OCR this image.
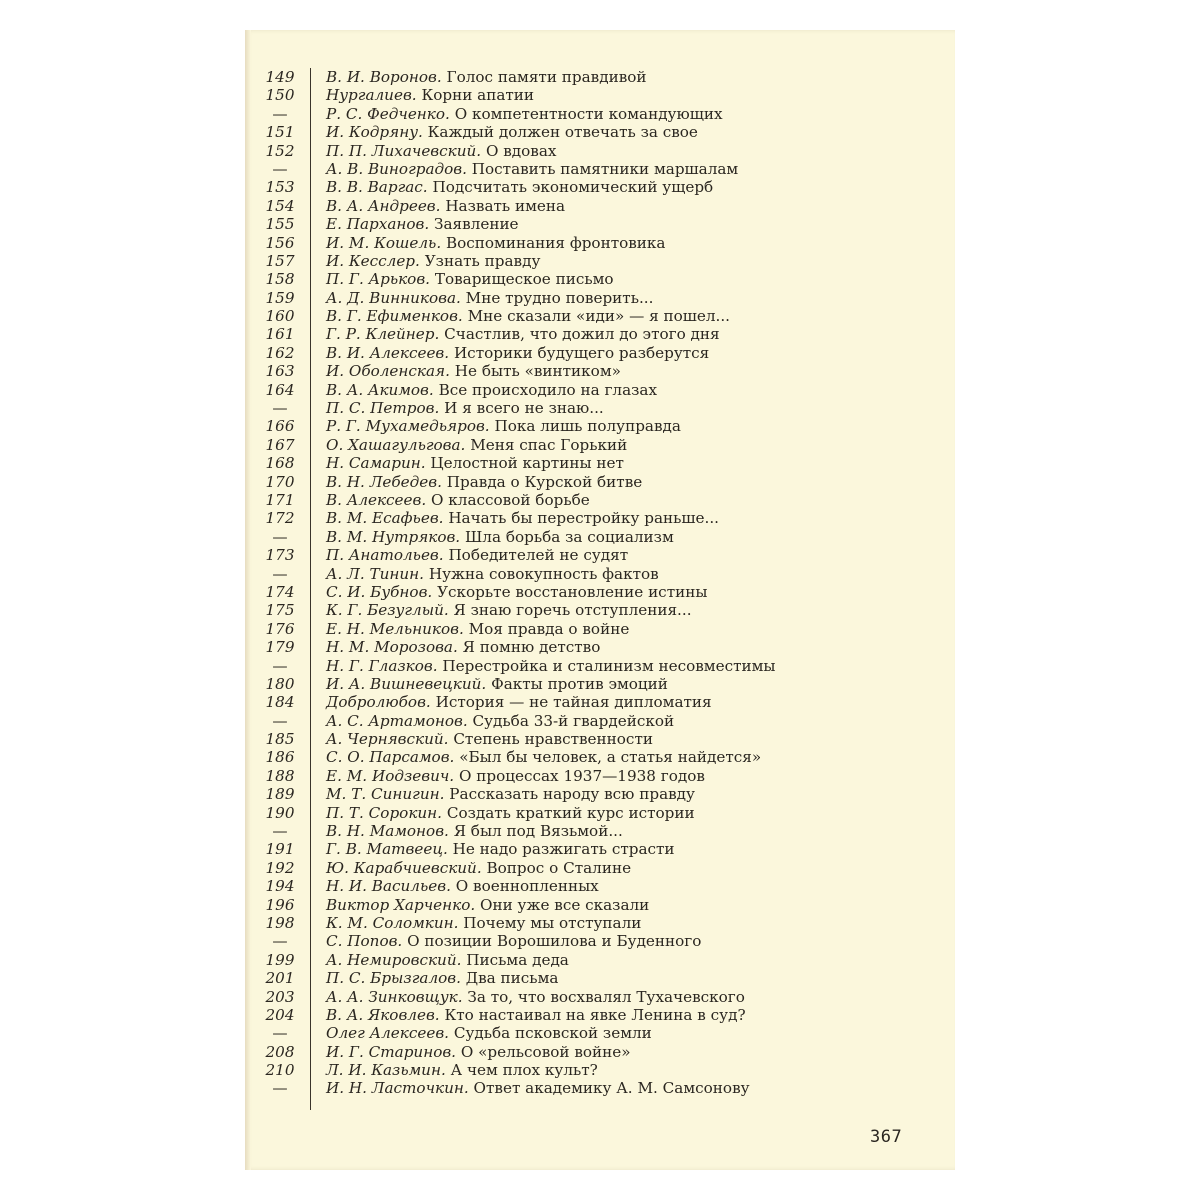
149	В. И. Воронов. Голос памяти правдивой
150	Нургалиев. Корни апатии
—	Р. С. Федченко. О компетентности командующих
151	И. Кодряну. Каждый должен отвечать за свое
152	П. П. Лихачевский. О вдовах
—	А. В. Виноградов. Поставить памятники маршалам
153	В. В. Варгас. Подсчитать экономический ущерб
154	В. А. Андреев. Назвать имена
155	Е. Парханов. Заявление
156	И. М. Кошель. Воспоминания фронтовика
157	И. Кесслер. Узнать правду
158	П. Г. Арьков. Товарищеское письмо
159	А. Д. Винникова. Мне трудно поверить...
160	В. Г. Ефименков. Мне сказали «иди» — я пошел...
161	Г. Р. Клейнер. Счастлив, что дожил до этого дня
162	В. И. Алексеев. Историки будущего разберутся
163	И. Оболенская. Не быть «винтиком»
164	В. А. Акимов. Все происходило на глазах
—	П. С. Петров. И я всего не знаю...
166	Р. Г. Мухамедьяров. Пока лишь полуправда
167	О. Хашагульгова. Меня спас Горький
168	Н. Самарин. Целостной картины нет
170	В. Н. Лебедев. Правда о Курской битве
171	В. Алексеев. О классовой борьбе
172	В. М. Есафьев. Начать бы перестройку раньше...
—	В. М. Нутряков. Шла борьба за социализм
173	П. Анатольев. Победителей не судят
—	А. Л. Тинин. Нужна совокупность фактов
174	С. И. Бубнов. Ускорьте восстановление истины
175	К. Г. Безуглый. Я знаю горечь отступления...
176	Е. Н. Мельников. Моя правда о войне
179	Н. М. Морозова. Я помню детство
—	Н. Г. Глазков. Перестройка и сталинизм несовместимы
180	И. А. Вишневецкий. Факты против эмоций
184	Добролюбов. История — не тайная дипломатия
—	А. С. Артамонов. Судьба 33-й гвардейской
185	А. Чернявский. Степень нравственности
186	С. О. Парсамов. «Был бы человек, а статья найдется»
188	Е. М. Иодзевич. О процессах 1937—1938 годов
189	М. Т. Синигин. Рассказать народу всю правду
190	П. Т. Сорокин. Создать краткий курс истории
—	В. Н. Мамонов. Я был под Вязьмой...
191	Г. В. Матвеец. Не надо разжигать страсти
192	Ю. Карабчиевский. Вопрос о Сталине
194	Н. И. Васильев. О военнопленных
196	Виктор Харченко. Они уже все сказали
198	К. М. Соломкин. Почему мы отступали
—	С. Попов. О позиции Ворошилова и Буденного
199	А. Немировский. Письма деда
201	П. С. Брызгалов. Два письма
203	А. А. Зинковщук. За то, что восхвалял Тухачевского
204	В. А. Яковлев. Кто настаивал на явке Ленина в суд?
—	Олег Алексеев. Судьба псковской земли
208	И. Г. Старинов. О «рельсовой войне»
210	Л. И. Казьмин. А чем плох культ?
—	И. Н. Ласточкин. Ответ академику А. М. Самсонову
367
